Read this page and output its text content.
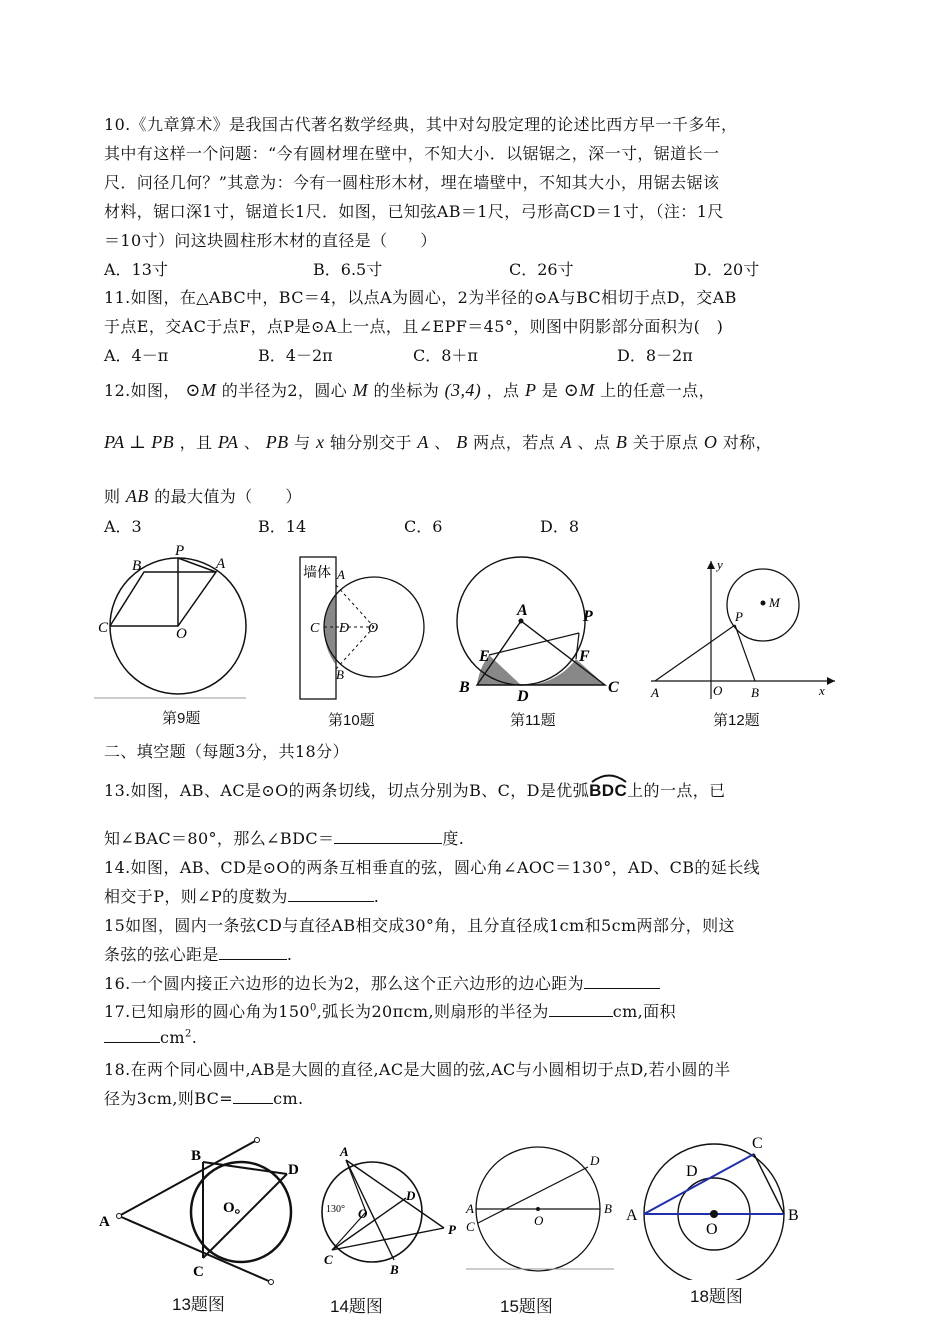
10.《九章算术》是我国古代著名数学经典，其中对勾股定理的论述比西方早一千多年，
其中有这样一个问题：“今有圆材埋在壁中，不知大小．以锯锯之，深一寸，锯道长一
尺．问径几何？”其意为：今有一圆柱形木材，埋在墙壁中，不知其大小，用锯去锯该
材料，锯口深1寸，锯道长1尺．如图，已知弦AB＝1尺，弓形高CD＝1寸，（注：1尺
＝10寸）问这块圆柱形木材的直径是（　　）
A．13寸	B．6.5寸	C．26寸	D．20寸
11.如图，在△ABC中，BC＝4，以点A为圆心，2为半径的⊙A与BC相切于点D，交AB
于点E，交AC于点F，点P是⊙A上一点，且∠EPF＝45°，则图中阴影部分面积为(　)
A．4－π	B．4－2π	C．8＋π	D．8－2π
12.如图， ⊙M 的半径为2，圆心 M 的坐标为 (3,4) ，点 P 是 ⊙M 上的任意一点，
PA ⊥ PB ，且 PA 、 PB 与 x 轴分别交于 A 、 B 两点，若点 A 、点 B 关于原点 O 对称，
则 AB 的最大值为（　　）
A．3	B．14	C．6	D．8
C	O
B
P
A
第9题
墙体 A
C D O
B
第10题
A	P
E	F
B
D
C
第11题
M
P
y
x
A	O B
第12题
二、填空题（每题3分，共18分）
13.如图，AB、AC是⊙O的两条切线，切点分别为B、C，D是优弧
BDC上的一点，已
知∠BAC＝80°，那么∠BDC＝	度.
14.如图，AB、CD是⊙O的两条互相垂直的弦，圆心角∠AOC＝130°，AD、CB的延长线
相交于P，则∠P的度数为	.
15如图，圆内一条弦CD与直径AB相交成30°角，且分直径成1cm和5cm两部分，则这
条弦的弦心距是	.
16.一个圆内接正六边形的边长为2，那么这个正六边形的边心距为
17.已知扇形的圆心角为$150^0$,弧长为20πcm,则扇形的半径为	cm,面积
$cm^2$.
18.在两个同心圆中,AB是大圆的直径,AC是大圆的弦,AC与小圆相切于点D,若小圆的半
径为3cm,则BC=	cm.
A
B
C
D
O。
13题图
A
D
O
C
B
P
130°
14题图
A
C	O
B
D
15题图
A	B
C
D
O
18题图
